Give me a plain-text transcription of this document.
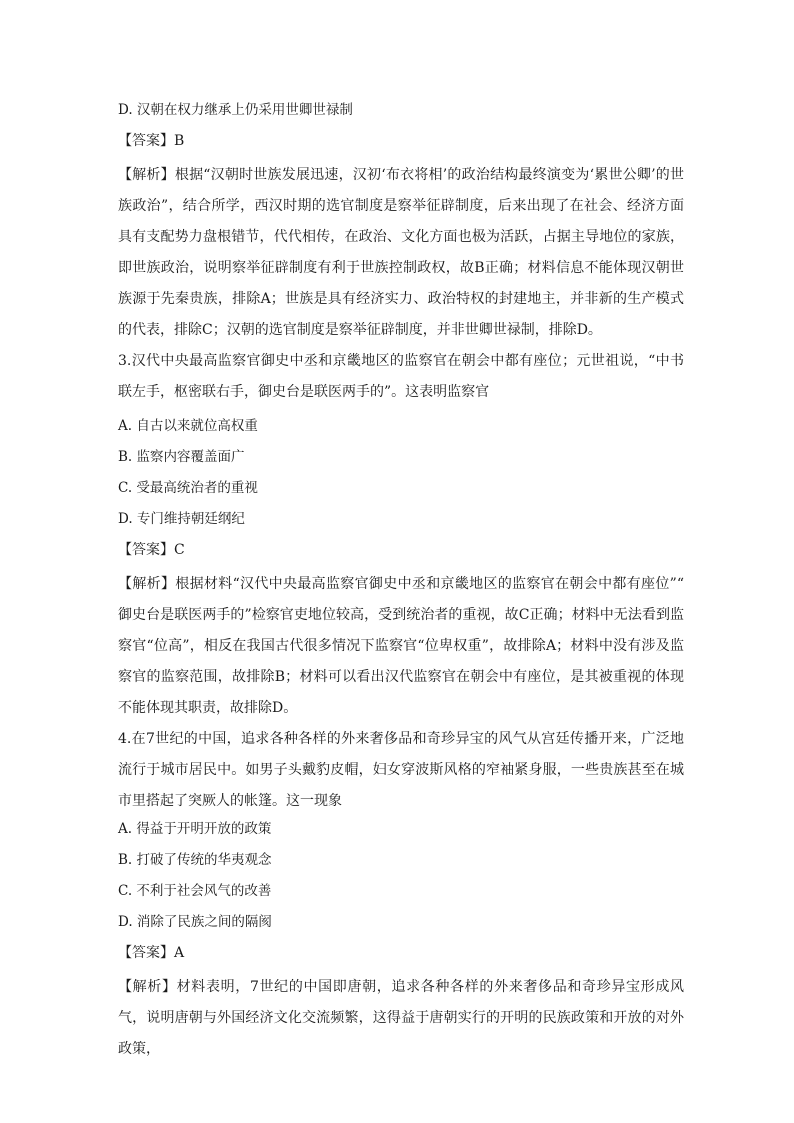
D. 汉朝在权力继承上仍采用世卿世禄制

【答案】B

【解析】根据“汉朝时世族发展迅速，汉初‘布衣将相’的政治结构最终演变为‘累世公卿’的世族政治”，结合所学，西汉时期的选官制度是察举征辟制度，后来出现了在社会、经济方面具有支配势力盘根错节，代代相传，在政治、文化方面也极为活跃，占据主导地位的家族，即世族政治，说明察举征辟制度有利于世族控制政权，故B正确；材料信息不能体现汉朝世族源于先秦贵族，排除A；世族是具有经济实力、政治特权的封建地主，并非新的生产模式的代表，排除C；汉朝的选官制度是察举征辟制度，并非世卿世禄制，排除D。

3.汉代中央最高监察官御史中丞和京畿地区的监察官在朝会中都有座位；元世祖说，“中书联左手，枢密联右手，御史台是联医两手的”。这表明监察官

A. 自古以来就位高权重

B. 监察内容覆盖面广

C. 受最高统治者的重视

D. 专门维持朝廷纲纪

【答案】C

【解析】根据材料“汉代中央最高监察官御史中丞和京畿地区的监察官在朝会中都有座位”“ 御史台是联医两手的”检察官吏地位较高，受到统治者的重视，故C正确；材料中无法看到监察官“位高”，相反在我国古代很多情况下监察官“位卑权重”，故排除A；材料中没有涉及监察官的监察范围，故排除B；材料可以看出汉代监察官在朝会中有座位，是其被重视的体现不能体现其职责，故排除D。

4.在7世纪的中国，追求各种各样的外来奢侈品和奇珍异宝的风气从宫廷传播开来，广泛地流行于城市居民中。如男子头戴豹皮帽，妇女穿波斯风格的窄袖紧身服，一些贵族甚至在城市里搭起了突厥人的帐篷。这一现象

A. 得益于开明开放的政策

B. 打破了传统的华夷观念

C. 不利于社会风气的改善

D. 消除了民族之间的隔阂

【答案】A

【解析】材料表明，7世纪的中国即唐朝，追求各种各样的外来奢侈品和奇珍异宝形成风气，说明唐朝与外国经济文化交流频繁，这得益于唐朝实行的开明的民族政策和开放的对外政策，
